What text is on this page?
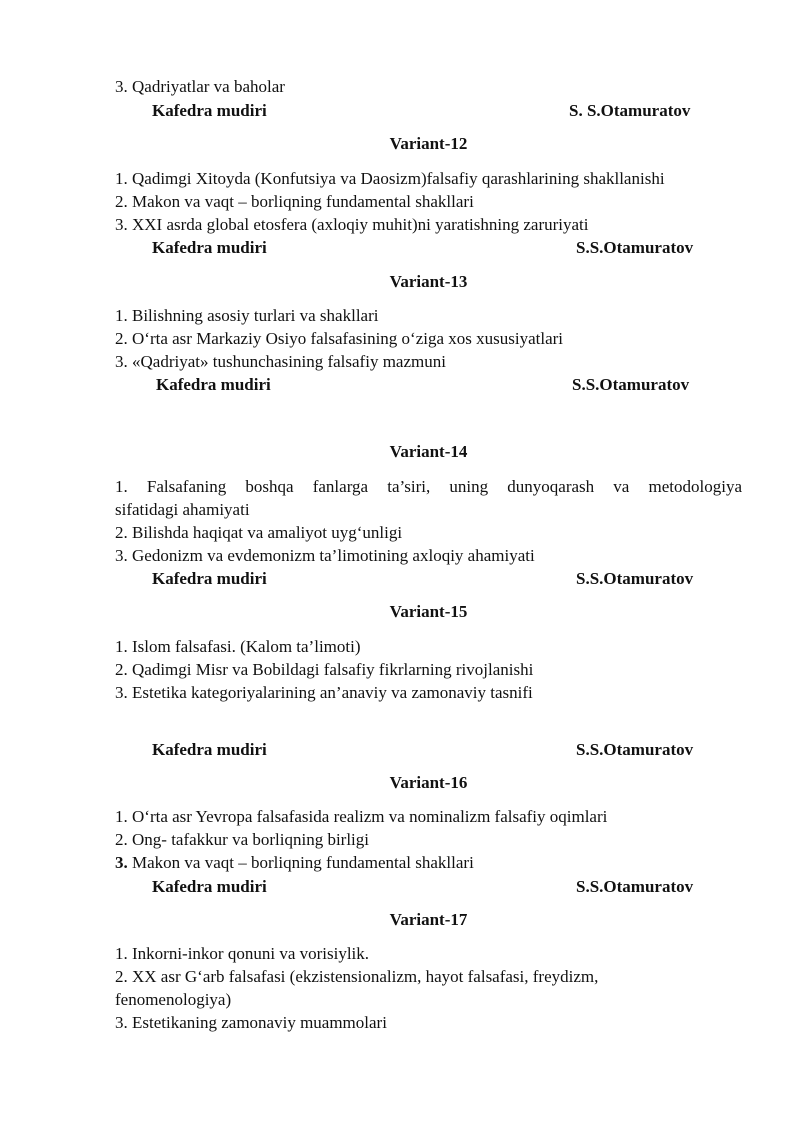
3. Qadriyatlar va baholar
Kafedra mudiri	S. S.Otamuratov
Variant-12
1. Qadimgi Xitoyda (Konfutsiya va Daosizm)falsafiy qarashlarining shakllanishi
2. Makon va vaqt – borliqning fundamental shakllari
3. XXI asrda global etosfera (axloqiy muhit)ni yaratishning zaruriyati
Kafedra mudiri	S.S.Otamuratov
Variant-13
1. Bilishning asosiy turlari va shakllari
2. O‘rta asr Markaziy Osiyo falsafasining o‘ziga xos xususiyatlari
3. «Qadriyat» tushunchasining falsafiy mazmuni
Kafedra mudiri	S.S.Otamuratov
Variant-14
1. Falsafaning boshqa fanlarga ta’siri, uning dunyoqarash va metodologiya
sifatidagi ahamiyati
2. Bilishda haqiqat va amaliyot uyg‘unligi
3. Gedonizm va evdemonizm ta’limotining axloqiy ahamiyati
Kafedra mudiri	S.S.Otamuratov
Variant-15
1. Islom falsafasi. (Kalom ta’limoti)
2. Qadimgi Misr va Bobildagi falsafiy fikrlarning rivojlanishi
3. Estetika kategoriyalarining an’anaviy va zamonaviy tasnifi
Kafedra mudiri	S.S.Otamuratov
Variant-16
1. O‘rta asr Yevropa falsafasida realizm va nominalizm falsafiy oqimlari
2. Ong- tafakkur va borliqning birligi
3. Makon va vaqt – borliqning fundamental shakllari
Kafedra mudiri	S.S.Otamuratov
Variant-17
1. Inkorni-inkor qonuni va vorisiylik.
2. XX asr G‘arb falsafasi (ekzistensionalizm, hayot falsafasi, freydizm,
fenomenologiya)
3. Estetikaning zamonaviy muammolari
